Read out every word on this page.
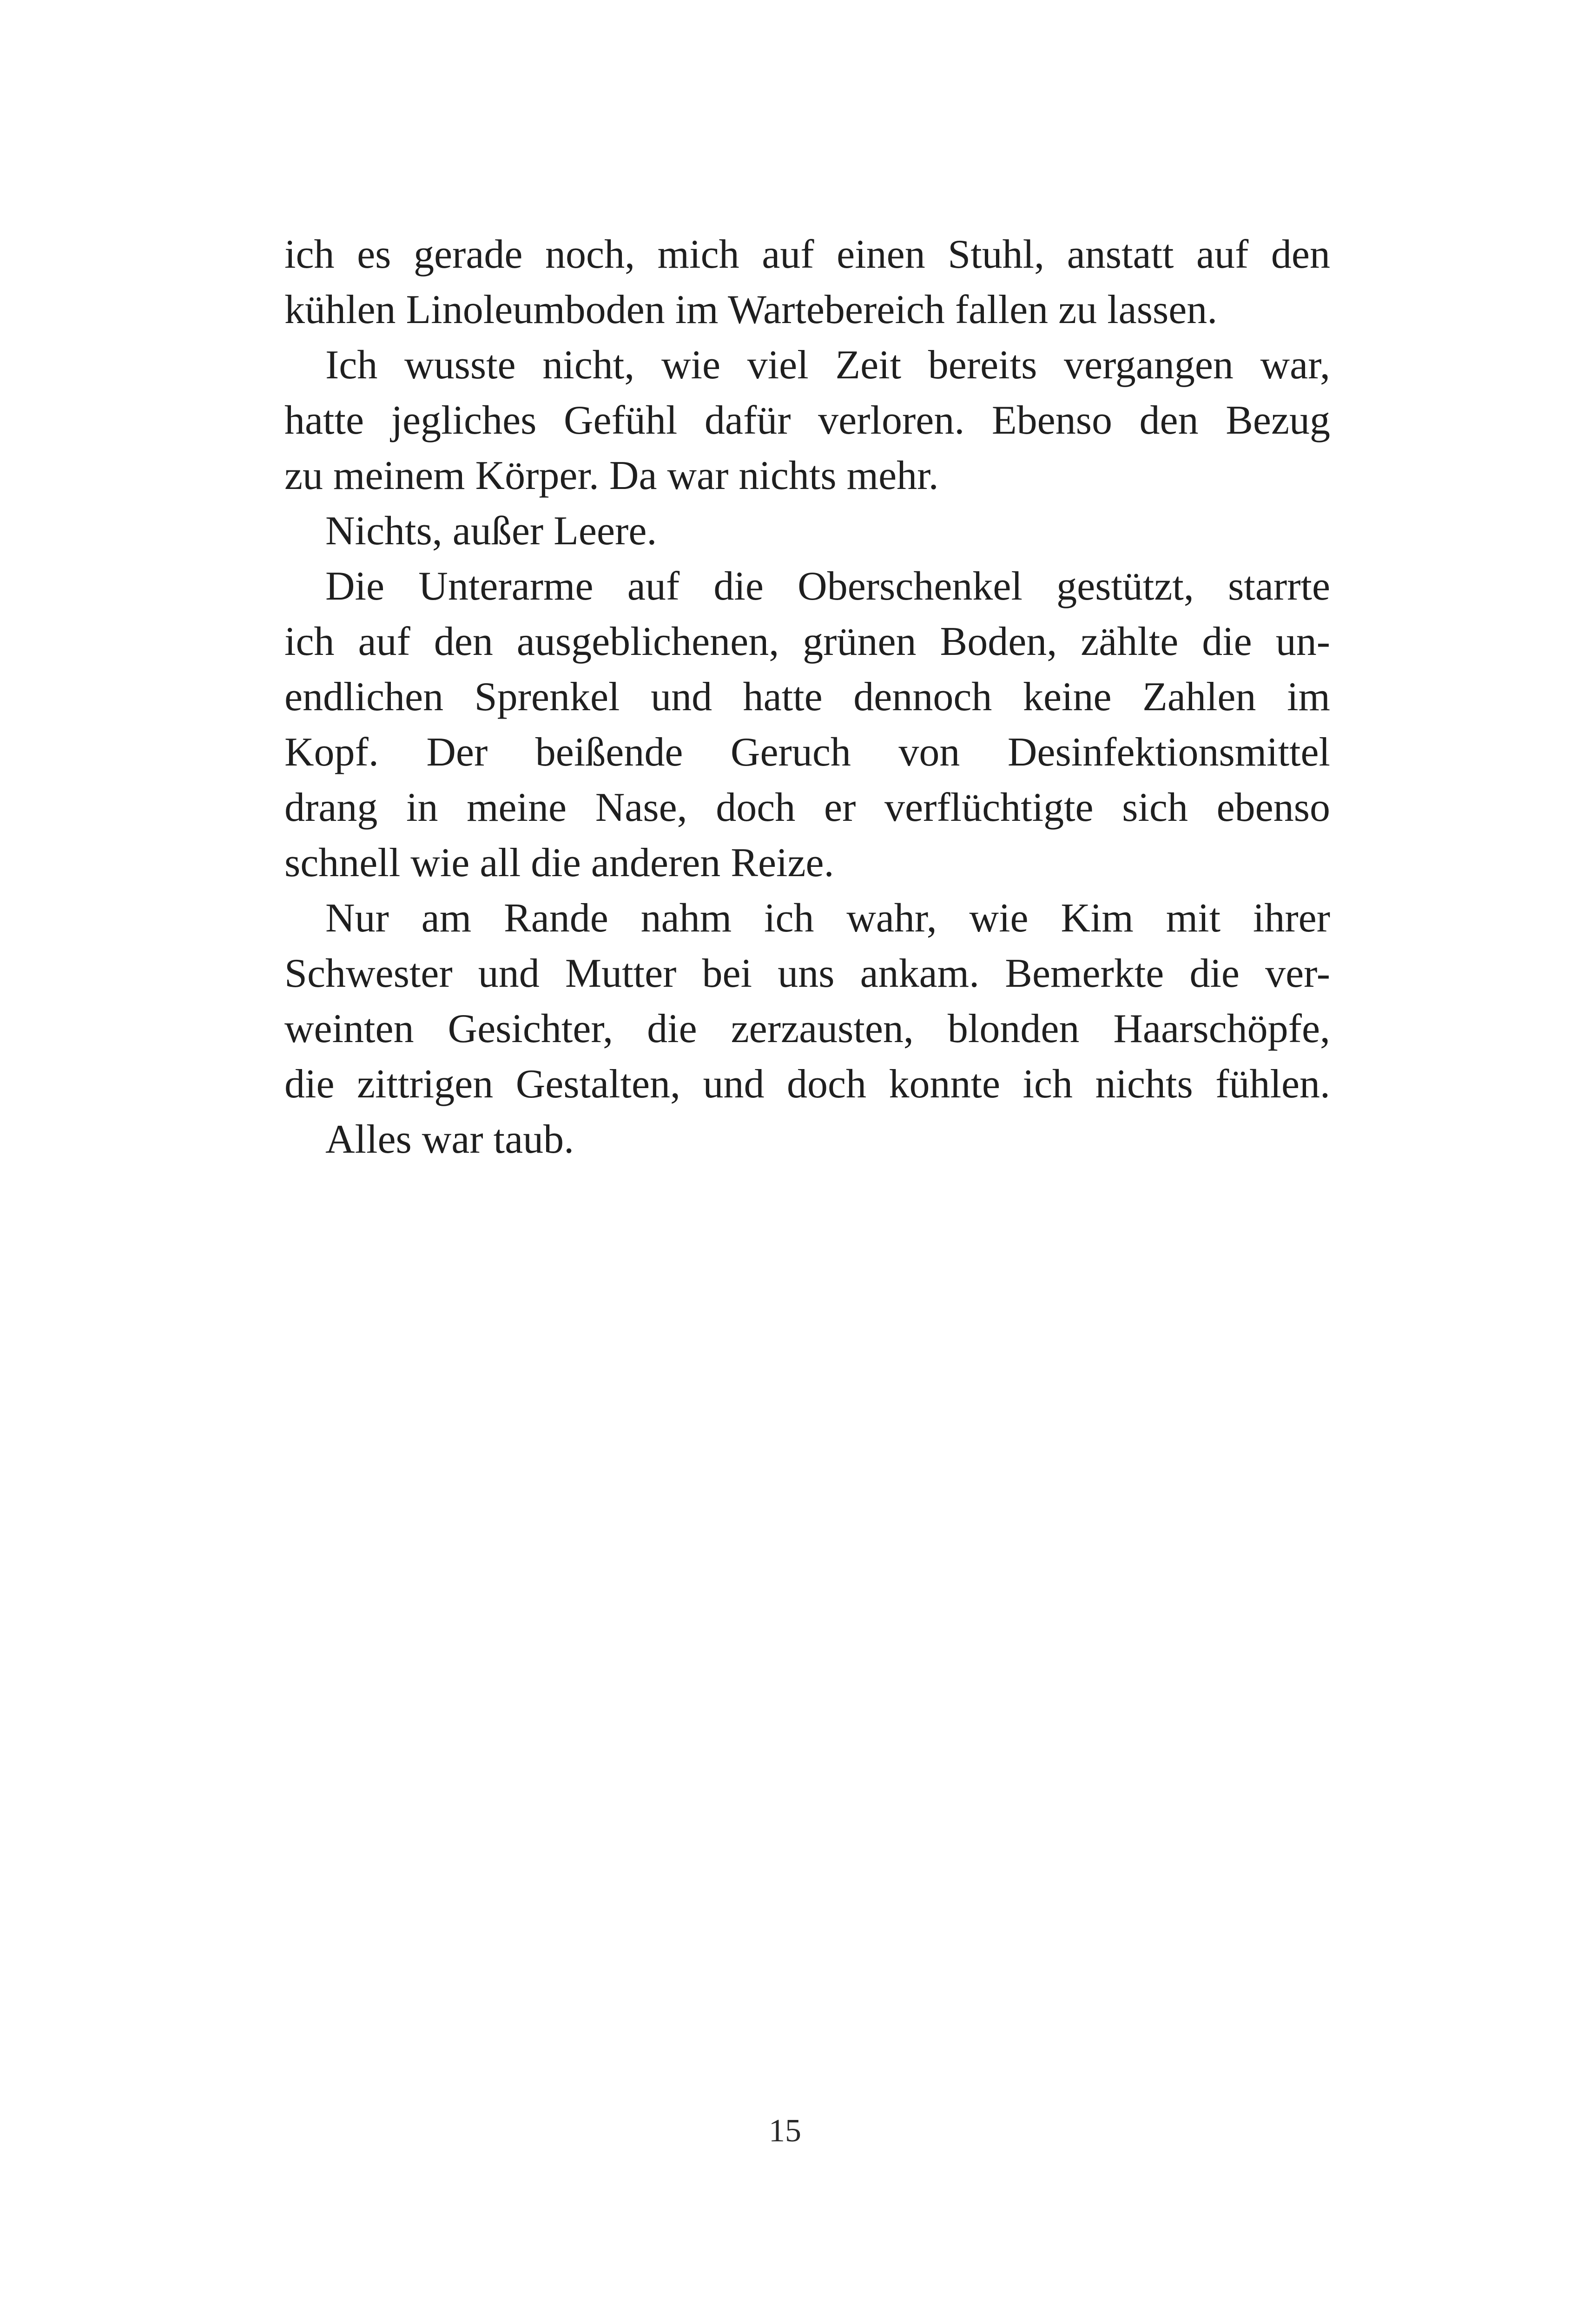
ich es gerade noch, mich auf einen Stuhl, anstatt auf den
kühlen Linoleumboden im Wartebereich fallen zu lassen.
Ich wusste nicht, wie viel Zeit bereits vergangen war,
hatte jegliches Gefühl dafür verloren. Ebenso den Bezug
zu meinem Körper. Da war nichts mehr.
Nichts, außer Leere.
Die Unterarme auf die Oberschenkel gestützt, starrte
ich auf den ausgeblichenen, grünen Boden, zählte die un-
endlichen Sprenkel und hatte dennoch keine Zahlen im
Kopf. Der beißende Geruch von Desinfektionsmittel
drang in meine Nase, doch er verflüchtigte sich ebenso
schnell wie all die anderen Reize.
Nur am Rande nahm ich wahr, wie Kim mit ihrer
Schwester und Mutter bei uns ankam. Bemerkte die ver-
weinten Gesichter, die zerzausten, blonden Haarschöpfe,
die zittrigen Gestalten, und doch konnte ich nichts fühlen.
Alles war taub.
15
